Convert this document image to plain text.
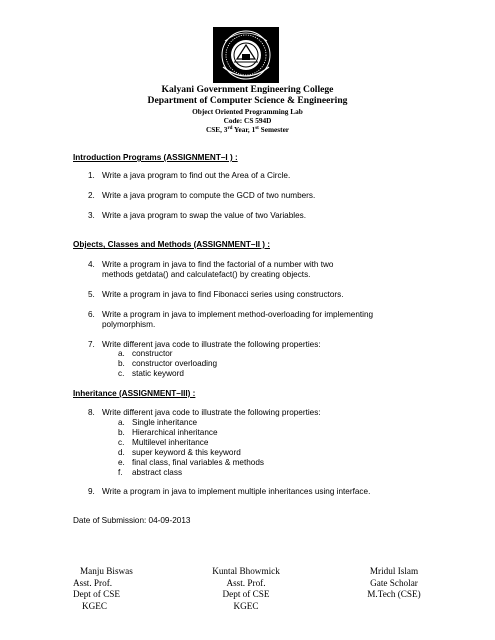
Kalyani Government Engineering College
Department of Computer Science & Engineering
Object Oriented Programming Lab
Code: CS 594D
CSE, 3rd Year, 1st Semester
Introduction Programs (ASSIGNMENT–I ) :
1. Write a java program to find out the Area of a Circle.
2. Write a java program to compute the GCD of two numbers.
3. Write a java program to swap the value of two Variables.
Objects, Classes and Methods (ASSIGNMENT–II ) :
4. Write a program in java to find the factorial of a number with two
methods getdata() and calculatefact() by creating objects.
5. Write a program in java to find Fibonacci series using constructors.
6. Write a program in java to implement method-overloading for implementing
polymorphism.
7. Write different java code to illustrate the following properties:
a. constructor
b. constructor overloading
c. static keyword
Inheritance (ASSIGNMENT–III) :
8. Write different java code to illustrate the following properties:
a. Single inheritance
b. Hierarchical inheritance
c. Multilevel inheritance
d. super keyword & this keyword
e. final class, final variables & methods
f. abstract class
9. Write a program in java to implement multiple inheritances using interface.
Date of Submission: 04-09-2013
Manju Biswas
Asst. Prof.
Dept of CSE
KGEC
Kuntal Bhowmick
Asst. Prof.
Dept of CSE
KGEC
Mridul Islam
Gate Scholar
M.Tech (CSE)
